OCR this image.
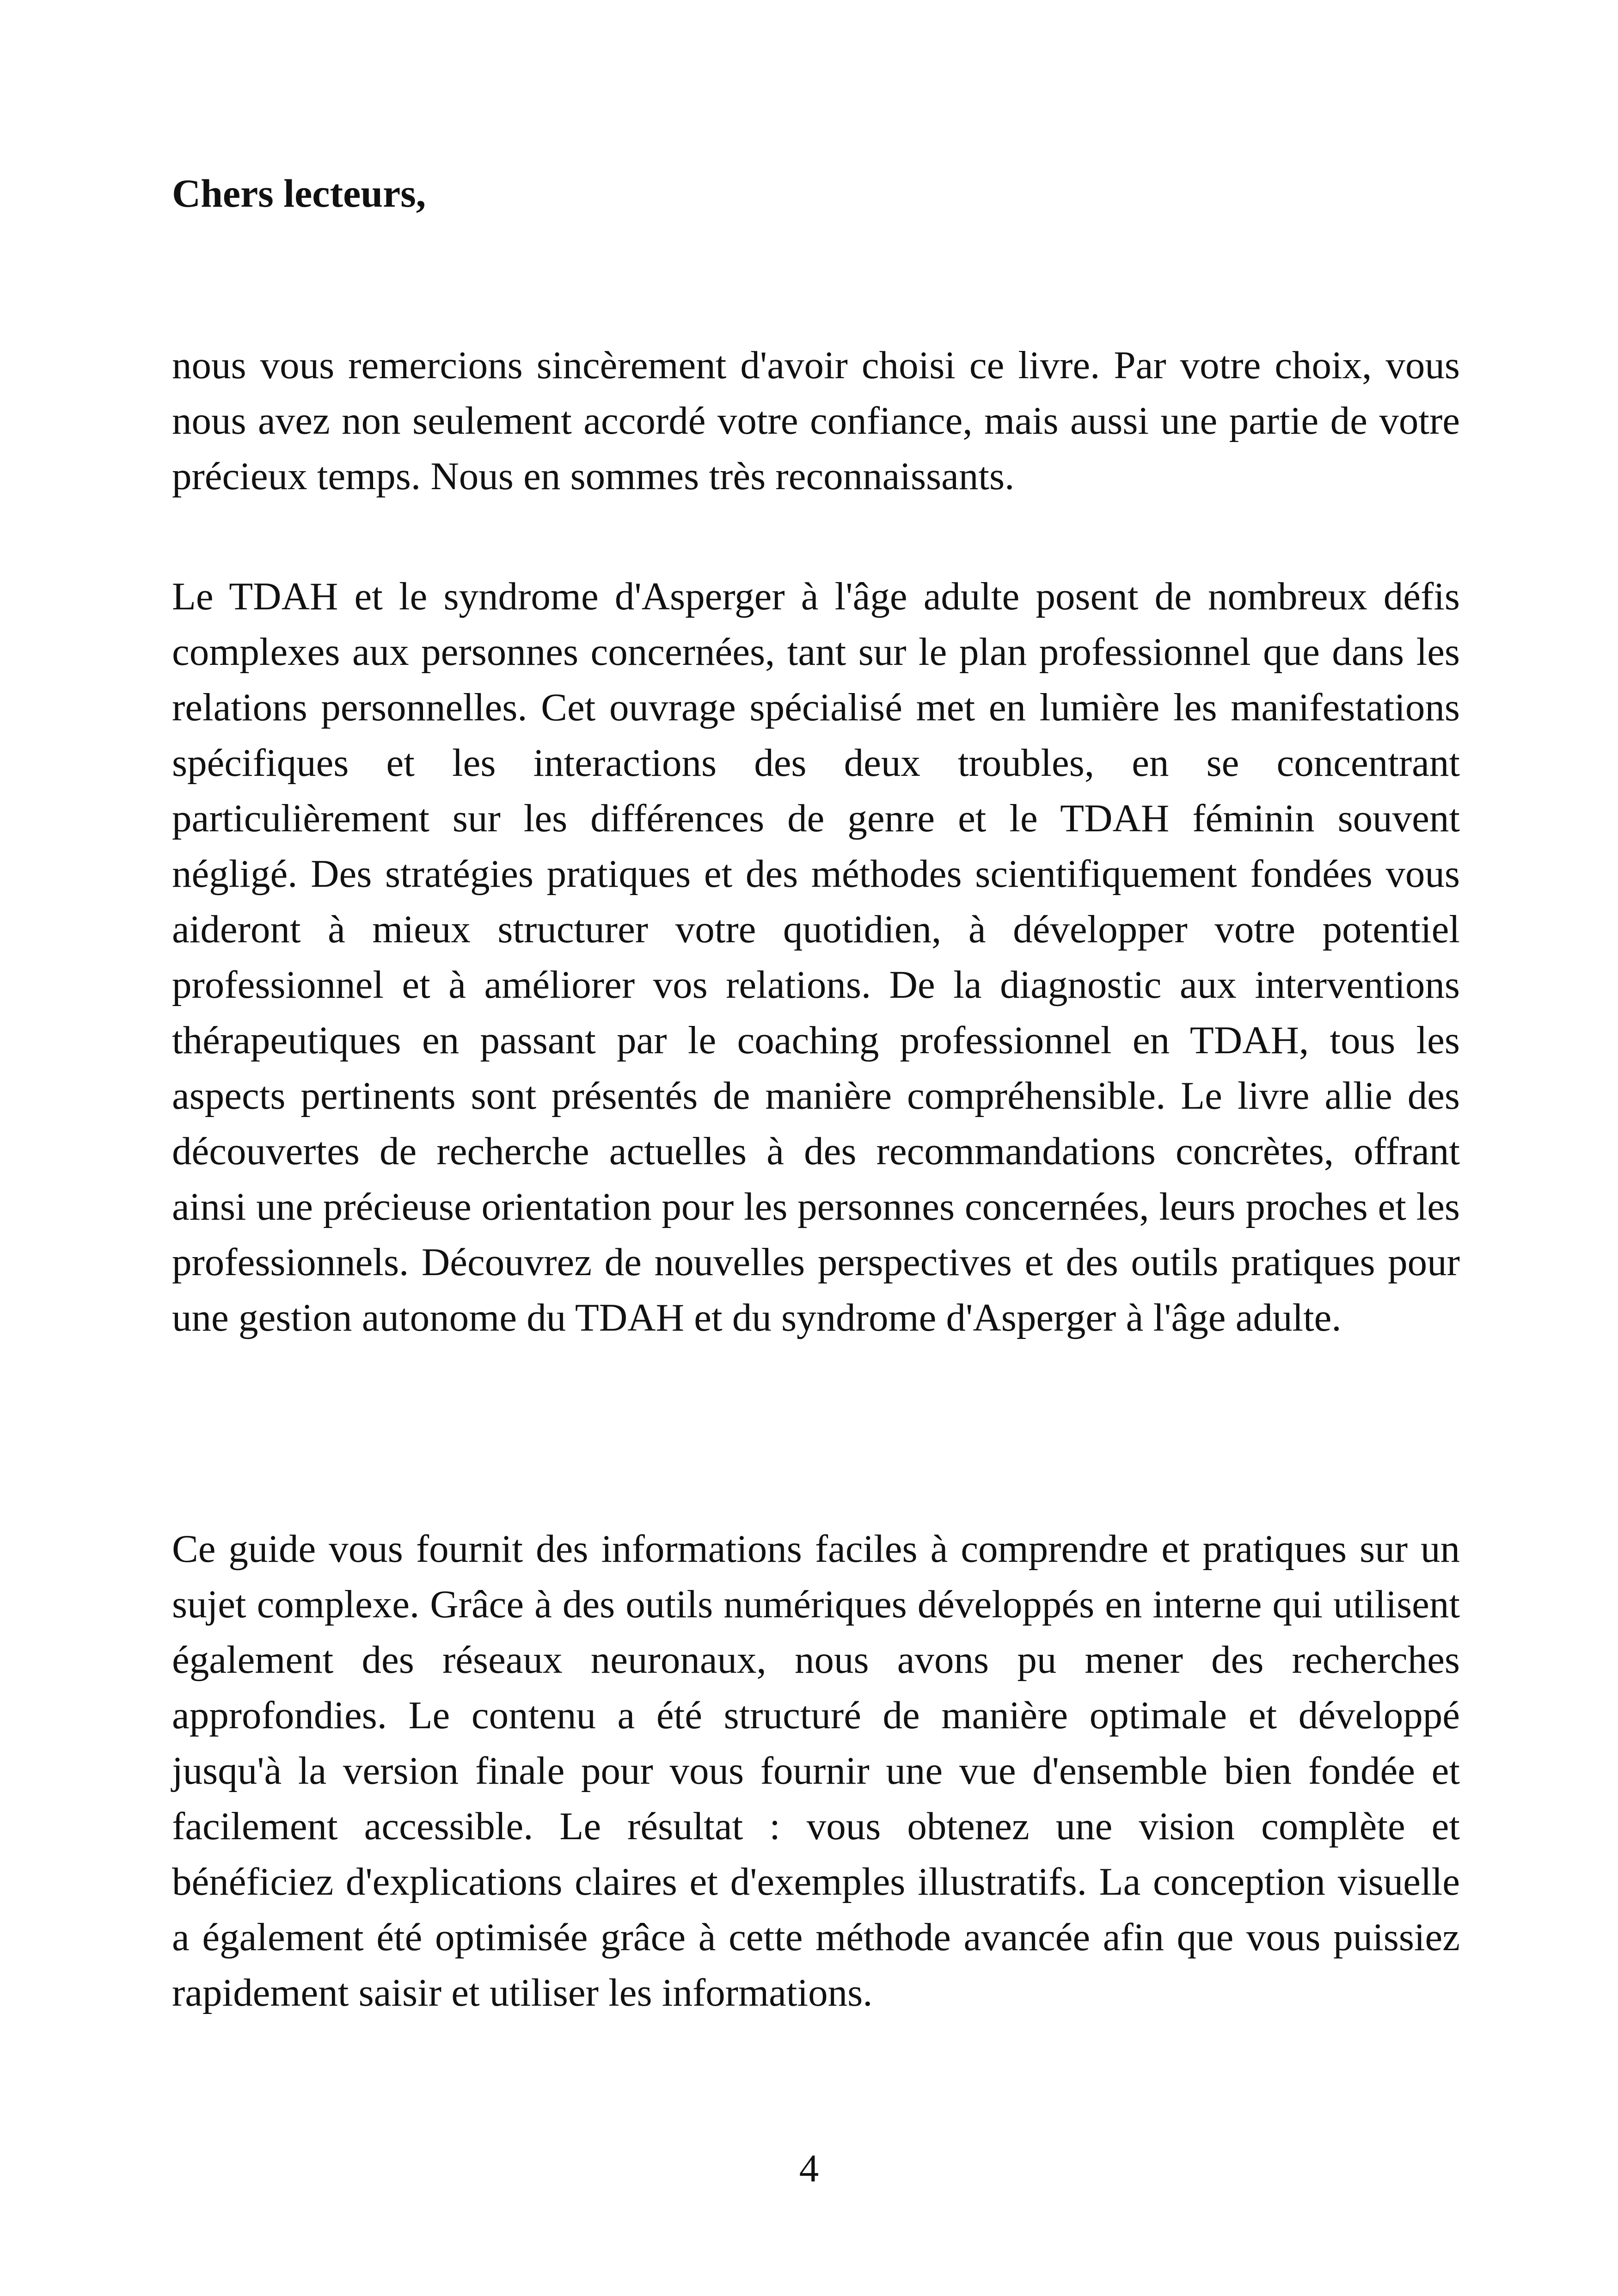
Chers lecteurs,

nous vous remercions sincèrement d'avoir choisi ce livre. Par votre choix, vous nous avez non seulement accordé votre confiance, mais aussi une partie de votre précieux temps. Nous en sommes très reconnaissants.

Le TDAH et le syndrome d'Asperger à l'âge adulte posent de nombreux défis complexes aux personnes concernées, tant sur le plan professionnel que dans les relations personnelles. Cet ouvrage spécialisé met en lumière les manifestations spécifiques et les interactions des deux troubles, en se concentrant particulièrement sur les différences de genre et le TDAH féminin souvent négligé. Des stratégies pratiques et des méthodes scientifiquement fondées vous aideront à mieux structurer votre quotidien, à développer votre potentiel professionnel et à améliorer vos relations. De la diagnostic aux interventions thérapeutiques en passant par le coaching professionnel en TDAH, tous les aspects pertinents sont présentés de manière compréhensible. Le livre allie des découvertes de recherche actuelles à des recommandations concrètes, offrant ainsi une précieuse orientation pour les personnes concernées, leurs proches et les professionnels. Découvrez de nouvelles perspectives et des outils pratiques pour une gestion autonome du TDAH et du syndrome d'Asperger à l'âge adulte.

Ce guide vous fournit des informations faciles à comprendre et pratiques sur un sujet complexe. Grâce à des outils numériques développés en interne qui utilisent également des réseaux neuronaux, nous avons pu mener des recherches approfondies. Le contenu a été structuré de manière optimale et développé jusqu'à la version finale pour vous fournir une vue d'ensemble bien fondée et facilement accessible. Le résultat : vous obtenez une vision complète et bénéficiez d'explications claires et d'exemples illustratifs. La conception visuelle a également été optimisée grâce à cette méthode avancée afin que vous puissiez rapidement saisir et utiliser les informations.

4
